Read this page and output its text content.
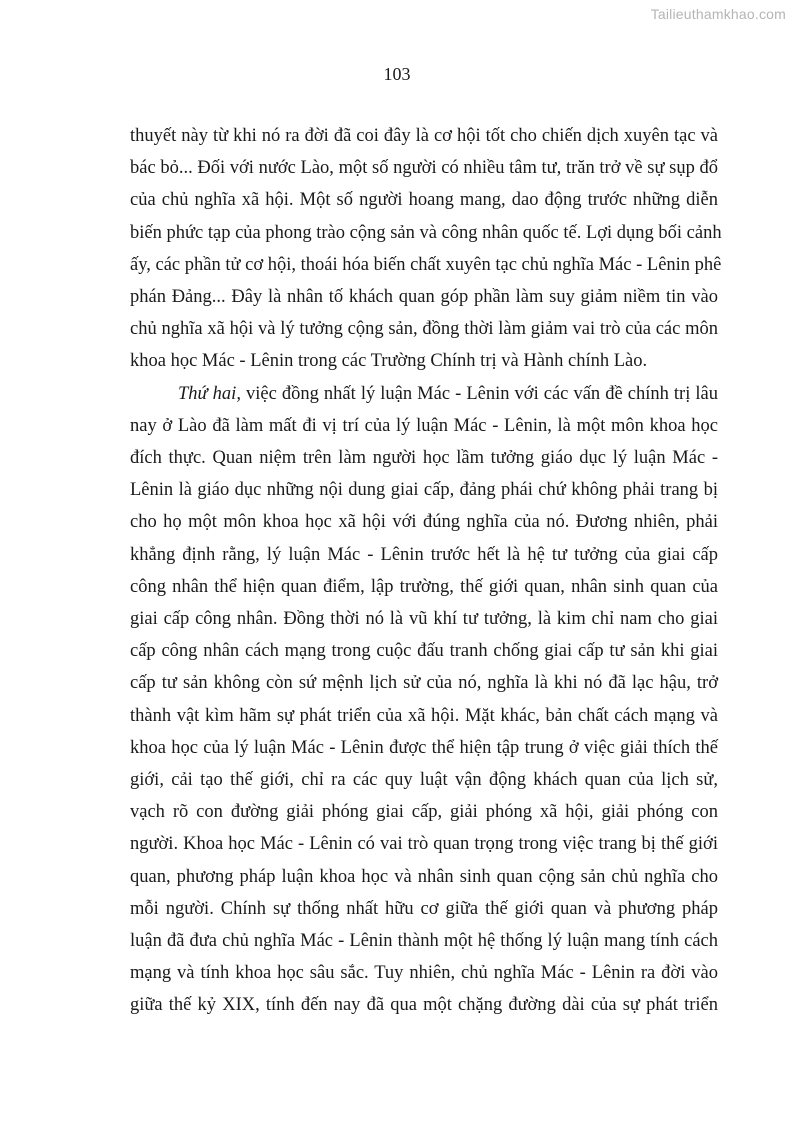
Tailieuthamkhao.com
103
thuyết này từ khi nó ra đời đã coi đây là cơ hội tốt cho chiến dịch xuyên tạc và
bác bỏ... Đối với nước Lào, một số người có nhiều tâm tư, trăn trở về sự sụp đổ
của chủ nghĩa xã hội. Một số người hoang mang, dao động trước những diễn
biến phức tạp của phong trào cộng sản và công nhân quốc tế. Lợi dụng bối cảnh
ấy, các phần tử cơ hội, thoái hóa biến chất xuyên tạc chủ nghĩa Mác - Lênin phê
phán Đảng... Đây là nhân tố khách quan góp phần làm suy giảm niềm tin vào
chủ nghĩa xã hội và lý tưởng cộng sản, đồng thời làm giảm vai trò của các môn
khoa học Mác - Lênin trong các Trường Chính trị và Hành chính Lào.
Thứ hai, việc đồng nhất lý luận Mác - Lênin với các vấn đề chính trị lâu
nay ở Lào đã làm mất đi vị trí của lý luận Mác - Lênin, là một môn khoa học
đích thực. Quan niệm trên làm người học lầm tưởng giáo dục lý luận Mác -
Lênin là giáo dục những nội dung giai cấp, đảng phái chứ không phải trang bị
cho họ một môn khoa học xã hội với đúng nghĩa của nó. Đương nhiên, phải
khẳng định rằng, lý luận Mác - Lênin trước hết là hệ tư tưởng của giai cấp
công nhân thể hiện quan điểm, lập trường, thế giới quan, nhân sinh quan của
giai cấp công nhân. Đồng thời nó là vũ khí tư tưởng, là kim chỉ nam cho giai
cấp công nhân cách mạng trong cuộc đấu tranh chống giai cấp tư sản khi giai
cấp tư sản không còn sứ mệnh lịch sử của nó, nghĩa là khi nó đã lạc hậu, trở
thành vật kìm hãm sự phát triển của xã hội. Mặt khác, bản chất cách mạng và
khoa học của lý luận Mác - Lênin được thể hiện tập trung ở việc giải thích thế
giới, cải tạo thế giới, chỉ ra các quy luật vận động khách quan của lịch sử,
vạch rõ con đường giải phóng giai cấp, giải phóng xã hội, giải phóng con
người. Khoa học Mác - Lênin có vai trò quan trọng trong việc trang bị thế giới
quan, phương pháp luận khoa học và nhân sinh quan cộng sản chủ nghĩa cho
mỗi người. Chính sự thống nhất hữu cơ giữa thế giới quan và phương pháp
luận đã đưa chủ nghĩa Mác - Lênin thành một hệ thống lý luận mang tính cách
mạng và tính khoa học sâu sắc. Tuy nhiên, chủ nghĩa Mác - Lênin ra đời vào
giữa thế kỷ XIX, tính đến nay đã qua một chặng đường dài của sự phát triển
